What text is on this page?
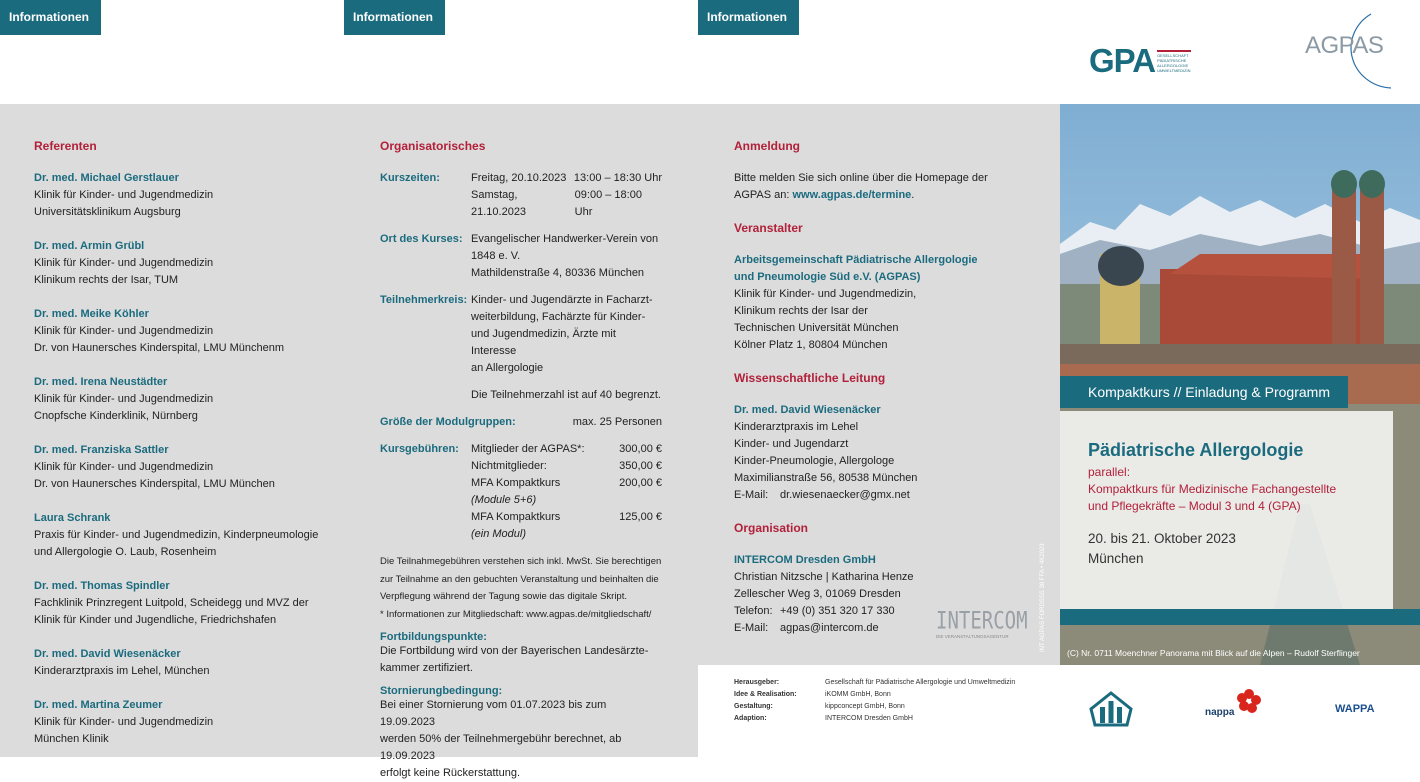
Informationen	Informationen	Informationen
GPA GESELLSCHAFT
PÄDIATRISCHE
ALLERGOLOGIE
UMWELTMEDIZIN
AGPAS
Referenten
Dr. med. Michael Gerstlauer
Klinik für Kinder- und Jugendmedizin
Universitätsklinikum Augsburg
Dr. med. Armin Grübl
Klinik für Kinder- und Jugendmedizin
Klinikum rechts der Isar, TUM
Dr. med. Meike Köhler
Klinik für Kinder- und Jugendmedizin
Dr. von Haunersches Kinderspital, LMU Münchenm
Dr. med. Irena Neustädter
Klinik für Kinder- und Jugendmedizin
Cnopfsche Kinderklinik, Nürnberg
Dr. med. Franziska Sattler
Klinik für Kinder- und Jugendmedizin
Dr. von Haunersches Kinderspital, LMU München
Laura Schrank
Praxis für Kinder- und Jugendmedizin, Kinderpneumologie
und Allergologie O. Laub, Rosenheim
Dr. med. Thomas Spindler
Fachklinik Prinzregent Luitpold, Scheidegg und MVZ der
Klinik für Kinder und Jugendliche, Friedrichshafen
Dr. med. David Wiesenäcker
Kinderarztpraxis im Lehel, München
Dr. med. Martina Zeumer
Klinik für Kinder- und Jugendmedizin
München Klinik
Organisatorisches
Kurszeiten:	Freitag, 20.10.2023 13:00 – 18:30 Uhr
Samstag, 21.10.2023
09:00 – 18:00 Uhr
Ort des Kurses: Evangelischer Handwerker-Verein von
1848 e. V.
Mathildenstraße 4, 80336 München
Teilnehmerkreis: Kinder- und Jugendärzte in Facharzt-
weiterbildung, Fachärzte für Kinder-
und Jugendmedizin, Ärzte mit Interesse
an Allergologie
Die Teilnehmerzahl ist auf 40 begrenzt.
Größe der Modulgruppen:	max. 25 Personen
Kursgebühren:	Mitglieder der AGPAS*:	300,00 €
Nichtmitglieder:	350,00 €
MFA Kompaktkurs	200,00 €
(Module 5+6)
MFA Kompaktkurs	125,00 €
(ein Modul)
Die Teilnahmegebühren verstehen sich inkl. MwSt. Sie berechtigen
zur Teilnahme an den gebuchten Veranstaltung und beinhalten die
Verpflegung während der Tagung sowie das digitale Skript.
* Informationen zur Mitgliedschaft: www.agpas.de/mitgliedschaft/
Fortbildungspunkte:
Die Fortbildung wird von der Bayerischen Landesärzte-
kammer zertifiziert.
Stornierungbedingung:
Bei einer Stornierung vom 01.07.2023 bis zum 19.09.2023
werden 50% der Teilnehmergebühr berechnet, ab 19.09.2023
erfolgt keine Rückerstattung.
Anmeldung
Bitte melden Sie sich online über die Homepage der
AGPAS an: www.agpas.de/termine.
Veranstalter
Arbeitsgemeinschaft Pädiatrische Allergologie
und Pneumologie Süd e.V. (AGPAS)
Klinik für Kinder- und Jugendmedizin,
Klinikum rechts der Isar der
Technischen Universität München
Kölner Platz 1, 80804 München
Wissenschaftliche Leitung
Dr. med. David Wiesenäcker
Kinderarztpraxis im Lehel
Kinder- und Jugendarzt
Kinder-Pneumologie, Allergologe
Maximilianstraße 56, 80538 München
E-Mail: dr.wiesenaecker@gmx.net
Organisation
INTERCOM Dresden GmbH
Christian Nitzsche | Katharina Henze
Zellescher Weg 3, 01069 Dresden
Telefon: +49 (0) 351 320 17 330
E-Mail: agpas@intercom.de	INTERCOM
DIE VERANSTALTUNGSAGENTUR	INT AGPAS FORDSSS 38 FFA • 4K2023
Herausgeber:	Gesellschaft für Pädiatrische Allergologie und Umweltmedizin
Idee & Realisation:	iKOMM GmbH, Bonn
Gestaltung:	kippconcept GmbH, Bonn
Adaption:	INTERCOM Dresden GmbH
Kompaktkurs // Einladung & Programm
Pädiatrische Allergologie
parallel:
Kompaktkurs für Medizinische Fachangestellte
und Pflegekräfte – Modul 3 und 4 (GPA)
20. bis 21. Oktober 2023
München
(C) Nr. 0711 Moenchner Panorama mit Blick auf die Alpen – Rudolf Sterflinger
nappa	WAPPA
